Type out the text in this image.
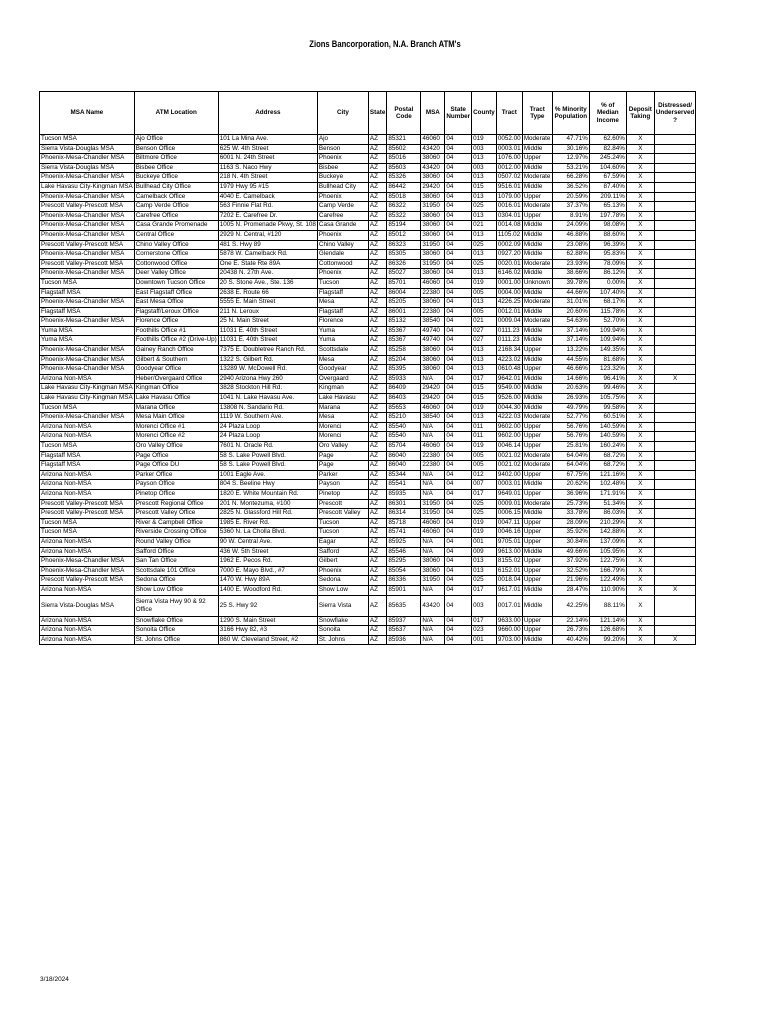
Zions Bancorporation, N.A. Branch ATM's
MSA Name	ATM Location	Address	City	State	Postal Code	MSA	State Number	County	Tract	Tract Type	% Minority Population	% of Median Income	Deposit Taking	Distressed/ Underserved ?
Tucson MSA	Ajo Office	101 La Mina Ave.	Ajo	AZ	85321	46060	04	019	0052.00	Moderate	47.71%	62.60%	X	
Sierra Vista-Douglas MSA	Benson Office	625 W. 4th Street	Benson	AZ	85602	43420	04	003	0003.01	Middle	30.16%	82.84%	X	
Phoenix-Mesa-Chandler MSA	Biltmore Office	6001 N. 24th Street	Phoenix	AZ	85016	38060	04	013	1076.00	Upper	12.97%	245.24%	X	
Sierra Vista-Douglas MSA	Bisbee Office	1163 S. Naco Hwy	Bisbee	AZ	85603	43420	04	003	0012.00	Middle	53.21%	104.60%	X	
Phoenix-Mesa-Chandler MSA	Buckeye Office	218 N. 4th Street	Buckeye	AZ	85326	38060	04	013	0507.02	Moderate	66.28%	67.59%	X	
Lake Havasu City-Kingman MSA	Bullhead City Office	1979 Hwy 95 #15	Bullhead City	AZ	86442	29420	04	015	9516.01	Middle	36.52%	87.40%	X	
Phoenix-Mesa-Chandler MSA	Camelback Office	4040 E. Camelback	Phoenix	AZ	85018	38060	04	013	1079.00	Upper	20.59%	209.11%	X	
Prescott Valley-Prescott MSA	Camp Verde Office	563 Finnie Flat Rd.	Camp Verde	AZ	86322	31950	04	025	0016.01	Moderate	37.37%	65.13%	X	
Phoenix-Mesa-Chandler MSA	Carefree Office	7202 E. Carefree Dr.	Carefree	AZ	85322	38060	04	013	0304.01	Upper	8.91%	197.78%	X	
Phoenix-Mesa-Chandler MSA	Casa Grande Promenade	1005 N. Promenade Pkwy, St. 108	Casa Grande	AZ	85194	38060	04	021	0014.08	Middle	24.09%	98.08%	X	
Phoenix-Mesa-Chandler MSA	Central Office	2929 N. Central, #120	Phoenix	AZ	85012	38060	04	013	1105.02	Middle	46.88%	88.60%	X	
Prescott Valley-Prescott MSA	Chino Valley Office	481 S. Hwy 89	Chino Valley	AZ	86323	31950	04	025	0002.09	Middle	23.08%	96.39%	X	
Phoenix-Mesa-Chandler MSA	Cornerstone Office	5878 W. Camelback Rd.	Glendale	AZ	85305	38060	04	013	0927.20	Middle	62.88%	95.83%	X	
Prescott Valley-Prescott MSA	Cottonwood Office	One E. State Rte 89A	Cottonwood	AZ	86326	31950	04	025	0020.01	Moderate	23.93%	78.09%	X	
Phoenix-Mesa-Chandler MSA	Deer Valley Office	20438 N. 27th Ave.	Phoenix	AZ	85027	38060	04	013	6146.02	Middle	38.66%	86.12%	X	
Tucson MSA	Downtown Tucson Office	20 S. Stone Ave., Ste. 136	Tucson	AZ	85701	46060	04	019	0001.00	Unknown	39.78%	0.00%	X	
Flagstaff MSA	East Flagstaff Office	2638 E. Route 66	Flagstaff	AZ	86004	22380	04	005	0004.00	Middle	44.66%	107.40%	X	
Phoenix-Mesa-Chandler MSA	East Mesa Office	5555 E. Main Street	Mesa	AZ	85205	38060	04	013	4226.25	Moderate	31.01%	68.17%	X	
Flagstaff MSA	Flagstaff/Leroux Office	211 N. Leroux	Flagstaff	AZ	86001	22380	04	005	0012.01	Middle	20.60%	115.78%	X	
Phoenix-Mesa-Chandler MSA	Florence Office	25 N. Main Street	Florence	AZ	85132	38540	04	021	0009.04	Moderate	54.63%	52.70%	X	
Yuma MSA	Foothills Office #1	11031 E. 40th Street	Yuma	AZ	85367	49740	04	027	0111.23	Middle	37.14%	109.94%	X	
Yuma MSA	Foothills Office #2 (Drive-Up)	11031 E. 40th Street	Yuma	AZ	85367	49740	04	027	0111.23	Middle	37.14%	109.94%	X	
Phoenix-Mesa-Chandler MSA	Gainey Ranch Office	7375 E. Doubletree Ranch Rd.	Scottsdale	AZ	85258	38060	04	013	2168.34	Upper	13.22%	149.35%	X	
Phoenix-Mesa-Chandler MSA	Gilbert & Southern	1322 S. Gilbert Rd.	Mesa	AZ	85204	38060	04	013	4223.02	Middle	44.55%	81.68%	X	
Phoenix-Mesa-Chandler MSA	Goodyear Office	13289 W. McDowell Rd.	Goodyear	AZ	85395	38060	04	013	0610.48	Upper	46.66%	123.32%	X	
Arizona Non-MSA	Heber/Overgaard Office	2940 Arizona Hwy 260	Overgaard	AZ	85933	N/A	04	017	9642.01	Middle	14.66%	96.41%	X	X
Lake Havasu City-Kingman MSA	Kingman Office	3828 Stockton Hill Rd.	Kingman	AZ	86409	29420	04	015	9549.00	Middle	20.63%	99.46%	X	
Lake Havasu City-Kingman MSA	Lake Havasu Office	1041 N. Lake Havasu Ave.	Lake Havasu	AZ	86403	29420	04	015	9526.00	Middle	26.93%	105.75%	X	
Tucson MSA	Marana Office	13808 N. Sandario Rd.	Marana	AZ	85653	46060	04	019	0044.30	Middle	49.79%	99.58%	X	
Phoenix-Mesa-Chandler MSA	Mesa Main Office	1119 W. Southern Ave.	Mesa	AZ	85210	38540	04	013	4222.03	Moderate	52.77%	60.51%	X	
Arizona Non-MSA	Morenci Office #1	24 Plaza Loop	Morenci	AZ	85540	N/A	04	011	9602.00	Upper	56.76%	140.59%	X	
Arizona Non-MSA	Morenci Office #2	24 Plaza Loop	Morenci	AZ	85540	N/A	04	011	9602.00	Upper	56.76%	140.59%	X	
Tucson MSA	Oro Valley Office	7601 N. Oracle Rd.	Oro Valley	AZ	85704	46060	04	019	0046.14	Upper	25.81%	160.24%	X	
Flagstaff MSA	Page Office	58 S. Lake Powell Blvd.	Page	AZ	86040	22380	04	005	0021.02	Moderate	64.04%	68.72%	X	
Flagstaff MSA	Page Office DU	58 S. Lake Powell Blvd.	Page	AZ	86040	22380	04	005	0021.02	Moderate	64.04%	68.72%	X	
Arizona Non-MSA	Parker Office	1001 Eagle Ave.	Parker	AZ	85344	N/A	04	012	9402.00	Upper	67.75%	121.16%	X	
Arizona Non-MSA	Payson Office	804 S. Beeline Hwy	Payson	AZ	85541	N/A	04	007	0003.01	Middle	20.62%	102.48%	X	
Arizona Non-MSA	Pinetop Office	1820 E. White Mountain Rd.	Pinetop	AZ	85935	N/A	04	017	9649.01	Upper	36.96%	171.91%	X	
Prescott Valley-Prescott MSA	Prescott Regional Office	201 N. Montezuma, #100	Prescott	AZ	86301	31950	04	025	0009.01	Moderate	25.73%	51.34%	X	
Prescott Valley-Prescott MSA	Prescott Valley Office	2825 N. Glassford Hill Rd.	Prescott Valley	AZ	86314	31950	04	025	0006.15	Middle	33.78%	86.03%	X	
Tucson MSA	River & Campbell Office	1985 E. River Rd.	Tucson	AZ	85718	46060	04	019	0047.11	Upper	28.09%	210.29%	X	
Tucson MSA	Riverside Crossing Office	5360 N. La Cholla Blvd.	Tucson	AZ	85741	46060	04	019	0046.16	Upper	35.92%	142.88%	X	
Arizona Non-MSA	Round Valley Office	90 W. Central Ave.	Eagar	AZ	85925	N/A	04	001	9705.01	Upper	30.84%	137.09%	X	
Arizona Non-MSA	Safford Office	436 W. 5th Street	Safford	AZ	85546	N/A	04	009	9613.00	Middle	49.66%	105.95%	X	
Phoenix-Mesa-Chandler MSA	San Tan Office	1962 E. Pecos Rd.	Gilbert	AZ	85295	38060	04	013	8155.02	Upper	37.92%	122.75%	X	
Phoenix-Mesa-Chandler MSA	Scottsdale 101 Office	7000 E. Mayo Blvd., #7	Phoenix	AZ	85054	38060	04	013	6152.01	Upper	32.52%	166.79%	X	
Prescott Valley-Prescott MSA	Sedona Office	1470 W. Hwy 89A	Sedona	AZ	86336	31950	04	025	0018.04	Upper	21.96%	122.49%	X	
Arizona Non-MSA	Show Low Office	1400 E. Woodford Rd.	Show Low	AZ	85901	N/A	04	017	9617.01	Middle	28.47%	110.90%	X	X
Sierra Vista-Douglas MSA	Sierra Vista Hwy 90 & 92 Office	25 S. Hwy 92	Sierra Vista	AZ	85635	43420	04	003	0017.01	Middle	42.25%	88.11%	X	
Arizona Non-MSA	Snowflake Office	1290 S. Main Street	Snowflake	AZ	85937	N/A	04	017	9633.00	Upper	22.14%	121.14%	X	
Arizona Non-MSA	Sonoita Office	3166 Hwy 82, #3	Sonoita	AZ	85637	N/A	04	023	9660.00	Upper	26.73%	126.68%	X	
Arizona Non-MSA	St. Johns Office	860 W. Cleveland Street, #2	St. Johns	AZ	85936	N/A	04	001	9703.00	Middle	40.42%	99.20%	X	X
3/18/2024
